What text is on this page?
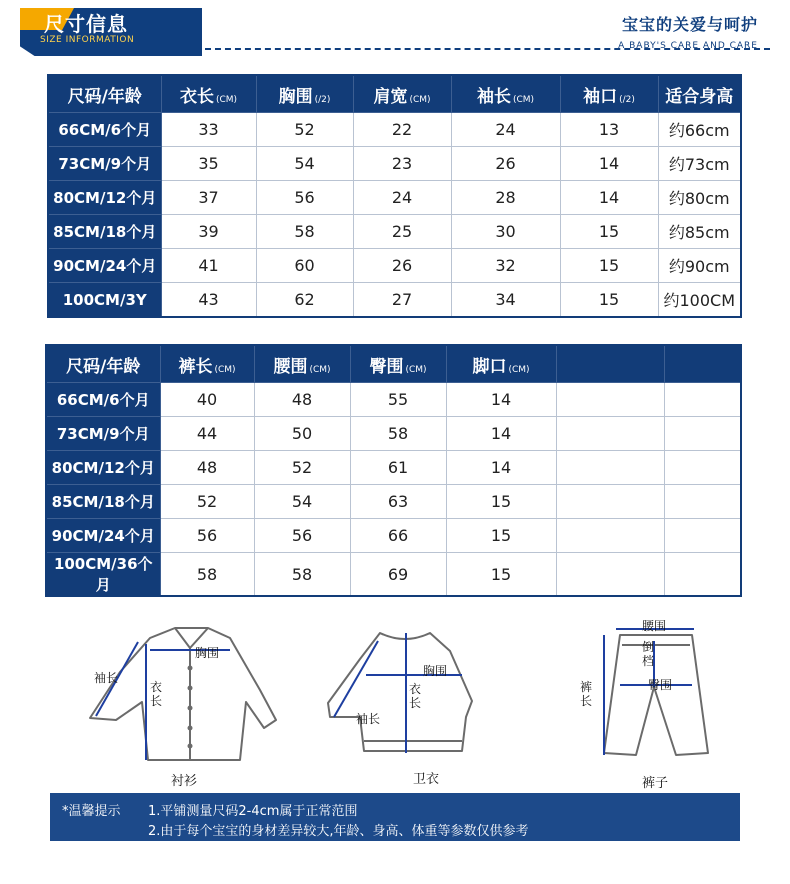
尺寸信息
SIZE INFORMATION
宝宝的关爱与呵护
A BABY'S CARE AND CARE
尺码/年龄	衣长 (CM)	胸围 (/2)	肩宽 (CM)	袖长 (CM)	袖口 (/2)	适合身高
66CM/6个月	33	52	22	24	13	约66cm
73CM/9个月	35	54	23	26	14	约73cm
80CM/12个月	37	56	24	28	14	约80cm
85CM/18个月	39	58	25	30	15	约85cm
90CM/24个月	41	60	26	32	15	约90cm
100CM/3Y	43	62	27	34	15	约100CM
尺码/年龄	裤长 (CM)	腰围 (CM)	臀围 (CM)	脚口 (CM)		
66CM/6个月	40	48	55	14		
73CM/9个月	44	50	58	14		
80CM/12个月	48	52	61	14		
85CM/18个月	52	54	63	15		
90CM/24个月	56	56	66	15		
100CM/36个月	58	58	69	15		
袖长
胸围
衣长
衬衫
胸围
衣长
袖长
卫衣
腰围
倒档
臀围
裤长
裤子
*温馨提示 1.平铺测量尺码2-4cm属于正常范围
2.由于每个宝宝的身材差异较大,年龄、身高、体重等参数仅供参考
